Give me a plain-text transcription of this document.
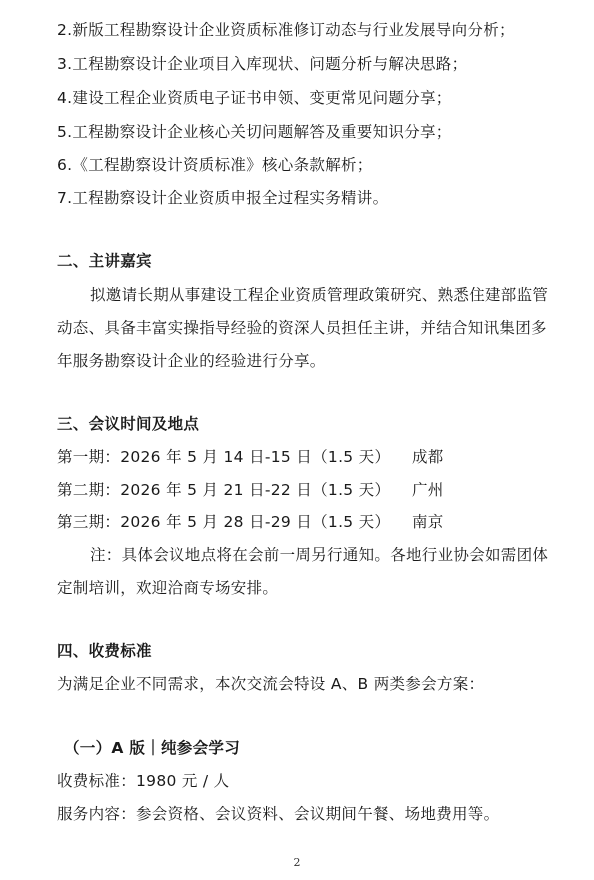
2.新版工程勘察设计企业资质标准修订动态与行业发展导向分析；
3.工程勘察设计企业项目入库现状、问题分析与解决思路；
4.建设工程企业资质电子证书申领、变更常见问题分享；
5.工程勘察设计企业核心关切问题解答及重要知识分享；
6.《工程勘察设计资质标准》核心条款解析；
7.工程勘察设计企业资质申报全过程实务精讲。
二、主讲嘉宾
拟邀请长期从事建设工程企业资质管理政策研究、熟悉住建部监管
动态、具备丰富实操指导经验的资深人员担任主讲，并结合知讯集团多
年服务勘察设计企业的经验进行分享。
三、会议时间及地点
第一期：2026 年 5 月 14 日-15 日（1.5 天） 成都
第二期：2026 年 5 月 21 日-22 日（1.5 天） 广州
第三期：2026 年 5 月 28 日-29 日（1.5 天） 南京
注：具体会议地点将在会前一周另行通知。各地行业协会如需团体
定制培训，欢迎洽商专场安排。
四、收费标准
为满足企业不同需求，本次交流会特设 A、B 两类参会方案：
（一）A 版｜纯参会学习
收费标准：1980 元 / 人
服务内容：参会资格、会议资料、会议期间午餐、场地费用等。
2
